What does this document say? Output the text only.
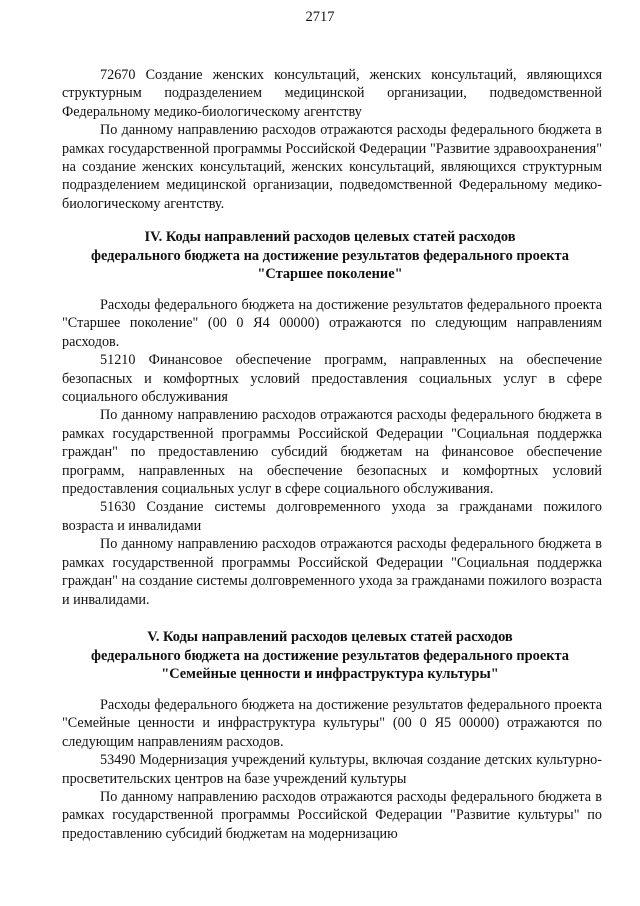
2717

72670 Создание женских консультаций, женских консультаций, являющихся структурным подразделением медицинской организации, подведомственной Федеральному медико-биологическому агентству

По данному направлению расходов отражаются расходы федерального бюджета в рамках государственной программы Российской Федерации "Развитие здравоохранения" на создание женских консультаций, женских консультаций, являющихся структурным подразделением медицинской организации, подведомственной Федеральному медико-биологическому агентству.

IV. Коды направлений расходов целевых статей расходов
федерального бюджета на достижение результатов федерального проекта
"Старшее поколение"

Расходы федерального бюджета на достижение результатов федерального проекта "Старшее поколение" (00 0 Я4 00000) отражаются по следующим направлениям расходов.

51210 Финансовое обеспечение программ, направленных на обеспечение безопасных и комфортных условий предоставления социальных услуг в сфере социального обслуживания

По данному направлению расходов отражаются расходы федерального бюджета в рамках государственной программы Российской Федерации "Социальная поддержка граждан" по предоставлению субсидий бюджетам на финансовое обеспечение программ, направленных на обеспечение безопасных и комфортных условий предоставления социальных услуг в сфере социального обслуживания.

51630 Создание системы долговременного ухода за гражданами пожилого возраста и инвалидами

По данному направлению расходов отражаются расходы федерального бюджета в рамках государственной программы Российской Федерации "Социальная поддержка граждан" на создание системы долговременного ухода за гражданами пожилого возраста и инвалидами.

V. Коды направлений расходов целевых статей расходов
федерального бюджета на достижение результатов федерального проекта
"Семейные ценности и инфраструктура культуры"

Расходы федерального бюджета на достижение результатов федерального проекта "Семейные ценности и инфраструктура культуры" (00 0 Я5 00000) отражаются по следующим направлениям расходов.

53490 Модернизация учреждений культуры, включая создание детских культурно-просветительских центров на базе учреждений культуры

По данному направлению расходов отражаются расходы федерального бюджета в рамках государственной программы Российской Федерации "Развитие культуры" по предоставлению субсидий бюджетам на модернизацию
